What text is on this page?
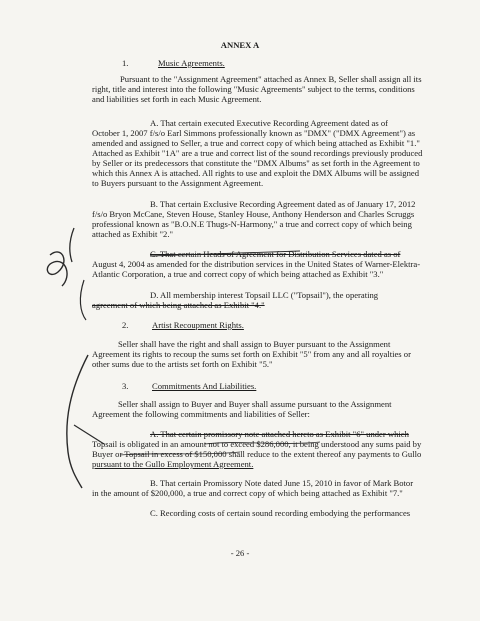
ANNEX A
1.	Music Agreements.
Pursuant to the "Assignment Agreement" attached as Annex B, Seller shall assign all its
right, title and interest into the following "Music Agreements" subject to the terms, conditions
and liabilities set forth in each Music Agreement.
A. That certain executed Executive Recording Agreement dated as of
October 1, 2007 f/s/o Earl Simmons professionally known as "DMX" ("DMX Agreement") as
amended and assigned to Seller, a true and correct copy of which being attached as Exhibit "1."
Attached as Exhibit "1A" are a true and correct list of the sound recordings previously produced
by Seller or its predecessors that constitute the "DMX Albums" as set forth in the Agreement to
which this Annex A is attached. All rights to use and exploit the DMX Albums will be assigned
to Buyers pursuant to the Assignment Agreement.
B. That certain Exclusive Recording Agreement dated as of January 17, 2012
f/s/o Bryon McCane, Steven House, Stanley House, Anthony Henderson and Charles Scruggs
professional known as "B.O.N.E Thugs-N-Harmony," a true and correct copy of which being
attached as Exhibit "2."
C. That certain Heads of Agreement for Distribution Services dated as of
August 4, 2004 as amended for the distribution services in the United States of Warner-Elektra-
Atlantic Corporation, a true and correct copy of which being attached as Exhibit "3."
D. All membership interest Topsail LLC ("Topsail"), the operating
agreement of which being attached as Exhibit "4."
2.	Artist Recoupment Rights.
Seller shall have the right and shall assign to Buyer pursuant to the Assignment
Agreement its rights to recoup the sums set forth on Exhibit "5" from any and all royalties or
other sums due to the artists set forth on Exhibit "5."
3.	Commitments And Liabilities.
Seller shall assign to Buyer and Buyer shall assume pursuant to the Assignment
Agreement the following commitments and liabilities of Seller:
A. That certain promissory note attached hereto as Exhibit "6" under which
Topsail is obligated in an amount not to exceed $286,000, it being understood any sums paid by
Buyer or Topsail in excess of $150,000 shall reduce to the extent thereof any payments to Gullo
pursuant to the Gullo Employment Agreement.
B. That certain Promissory Note dated June 15, 2010 in favor of Mark Botor
in the amount of $200,000, a true and correct copy of which being attached as Exhibit "7."
C. Recording costs of certain sound recording embodying the performances
- 26 -
